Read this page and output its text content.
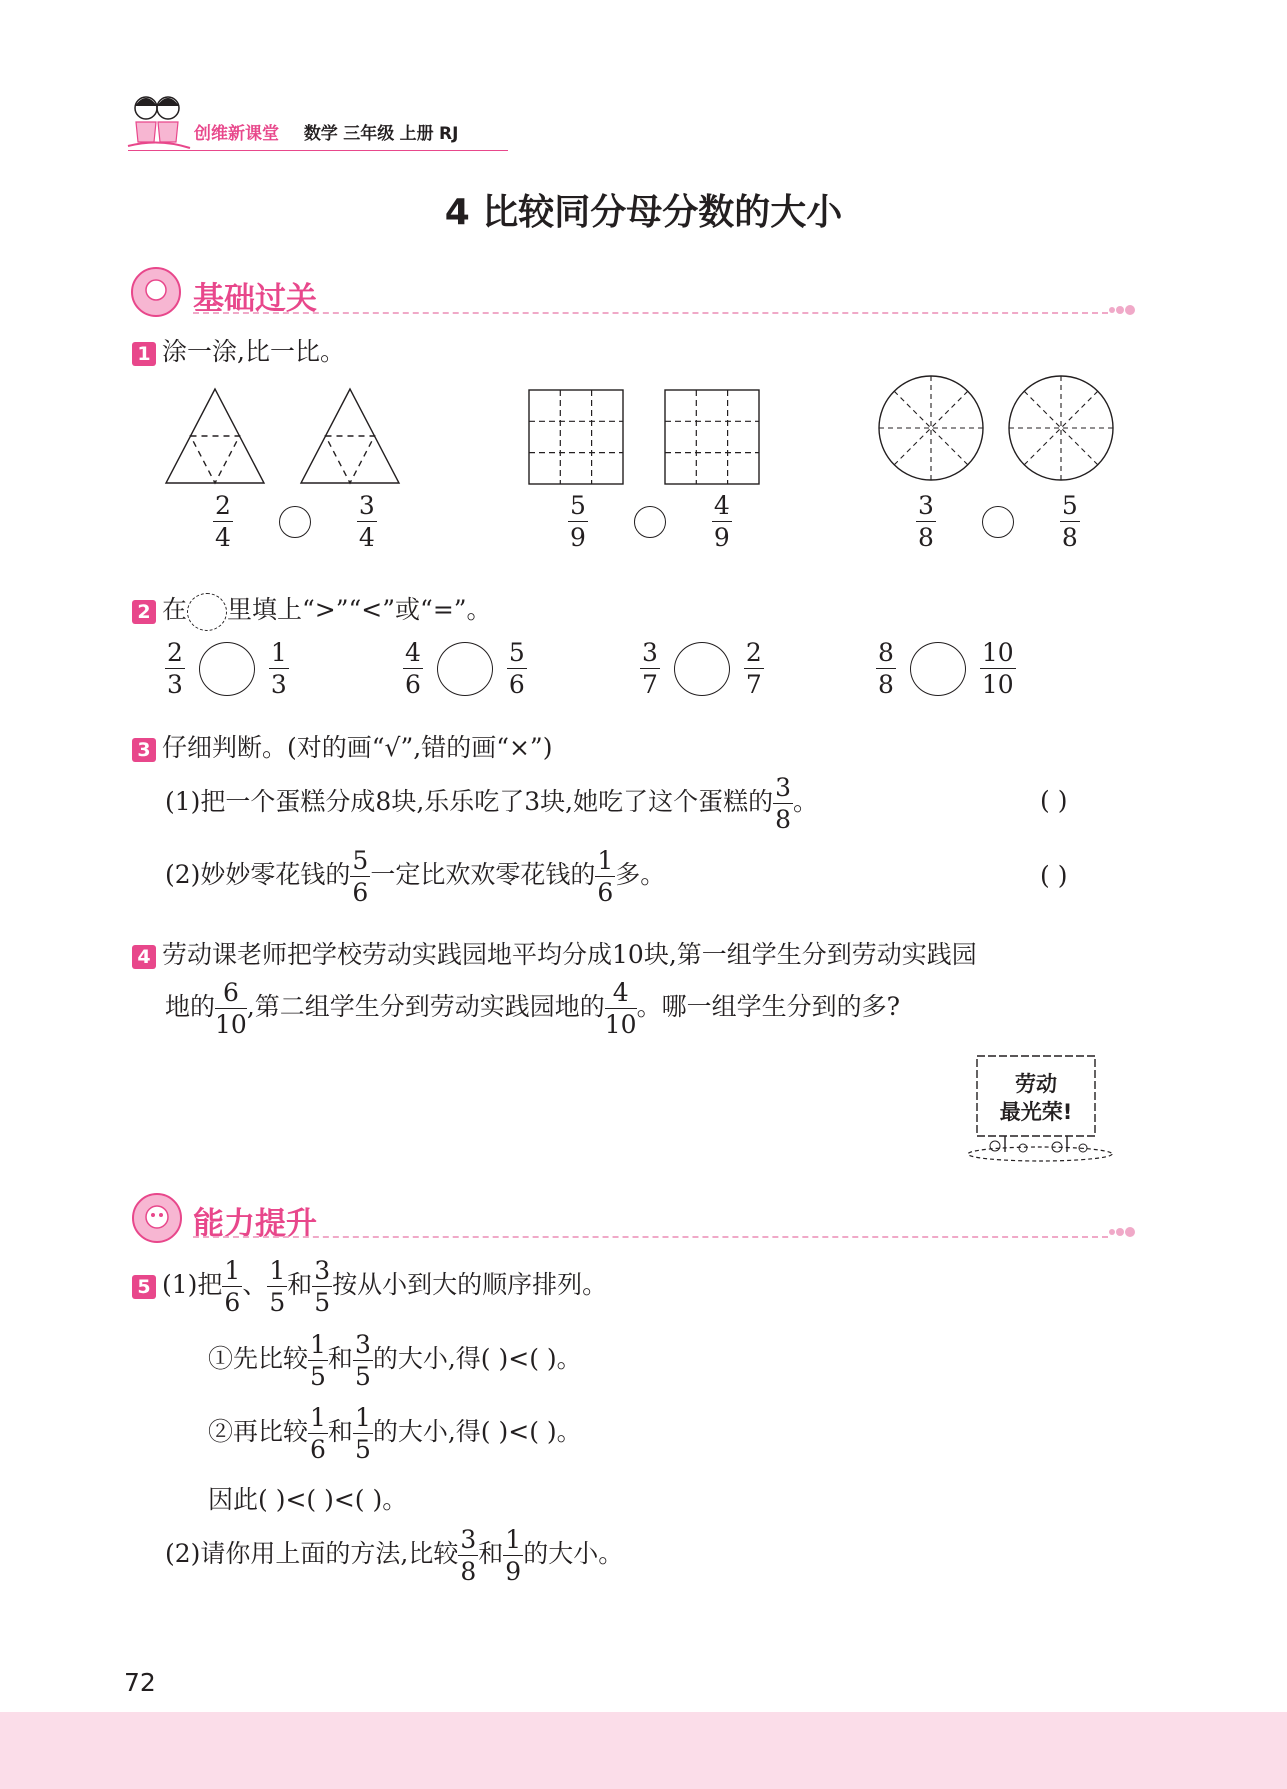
创维新课堂 数学 三年级 上册 RJ
4 比较同分母分数的大小
基础过关
1 涂一涂,比一比。
$\frac{2}{4}$
	$\frac{3}{4}$	$\frac{5}{9}$
	$\frac{4}{9}$	$\frac{3}{8}$
	$\frac{5}{8}$
2 在 里填上“>”“<”或“=”。
$\frac{2}{3}$
	$\frac{1}{3}$	$\frac{4}{6}$
	$\frac{5}{6}$	$\frac{3}{7}$
	$\frac{2}{7}$	$\frac{8}{8}$
	$\frac{10}{10}$
3 仔细判断。(对的画“√”,错的画“×”)
(1)把一个蛋糕分成8块,乐乐吃了3块,她吃了这个蛋糕的 $\frac{3}{8}$ 。	( )
(2)妙妙零花钱的 $\frac{5}{6}$ 一定比欢欢零花钱的 $\frac{1}{6}$ 多。	( )
4 劳动课老师把学校劳动实践园地平均分成10块,第一组学生分到劳动实践园
地的 $\frac{6}{10}$ ,第二组学生分到劳动实践园地的 $\frac{4}{10}$ 。哪一组学生分到的多?
劳动
最光荣!
能力提升
5 (1)把 $\frac{1}{6}$ 、 $\frac{1}{5}$ 和 $\frac{3}{5}$ 按从小到大的顺序排列。
①先比较 $\frac{1}{5}$ 和 $\frac{3}{5}$ 的大小,得( )<( )。
②再比较 $\frac{1}{6}$ 和 $\frac{1}{5}$ 的大小,得( )<( )。
因此( )<( )<( )。
(2)请你用上面的方法,比较 $\frac{3}{8}$ 和 $\frac{1}{9}$ 的大小。
72
